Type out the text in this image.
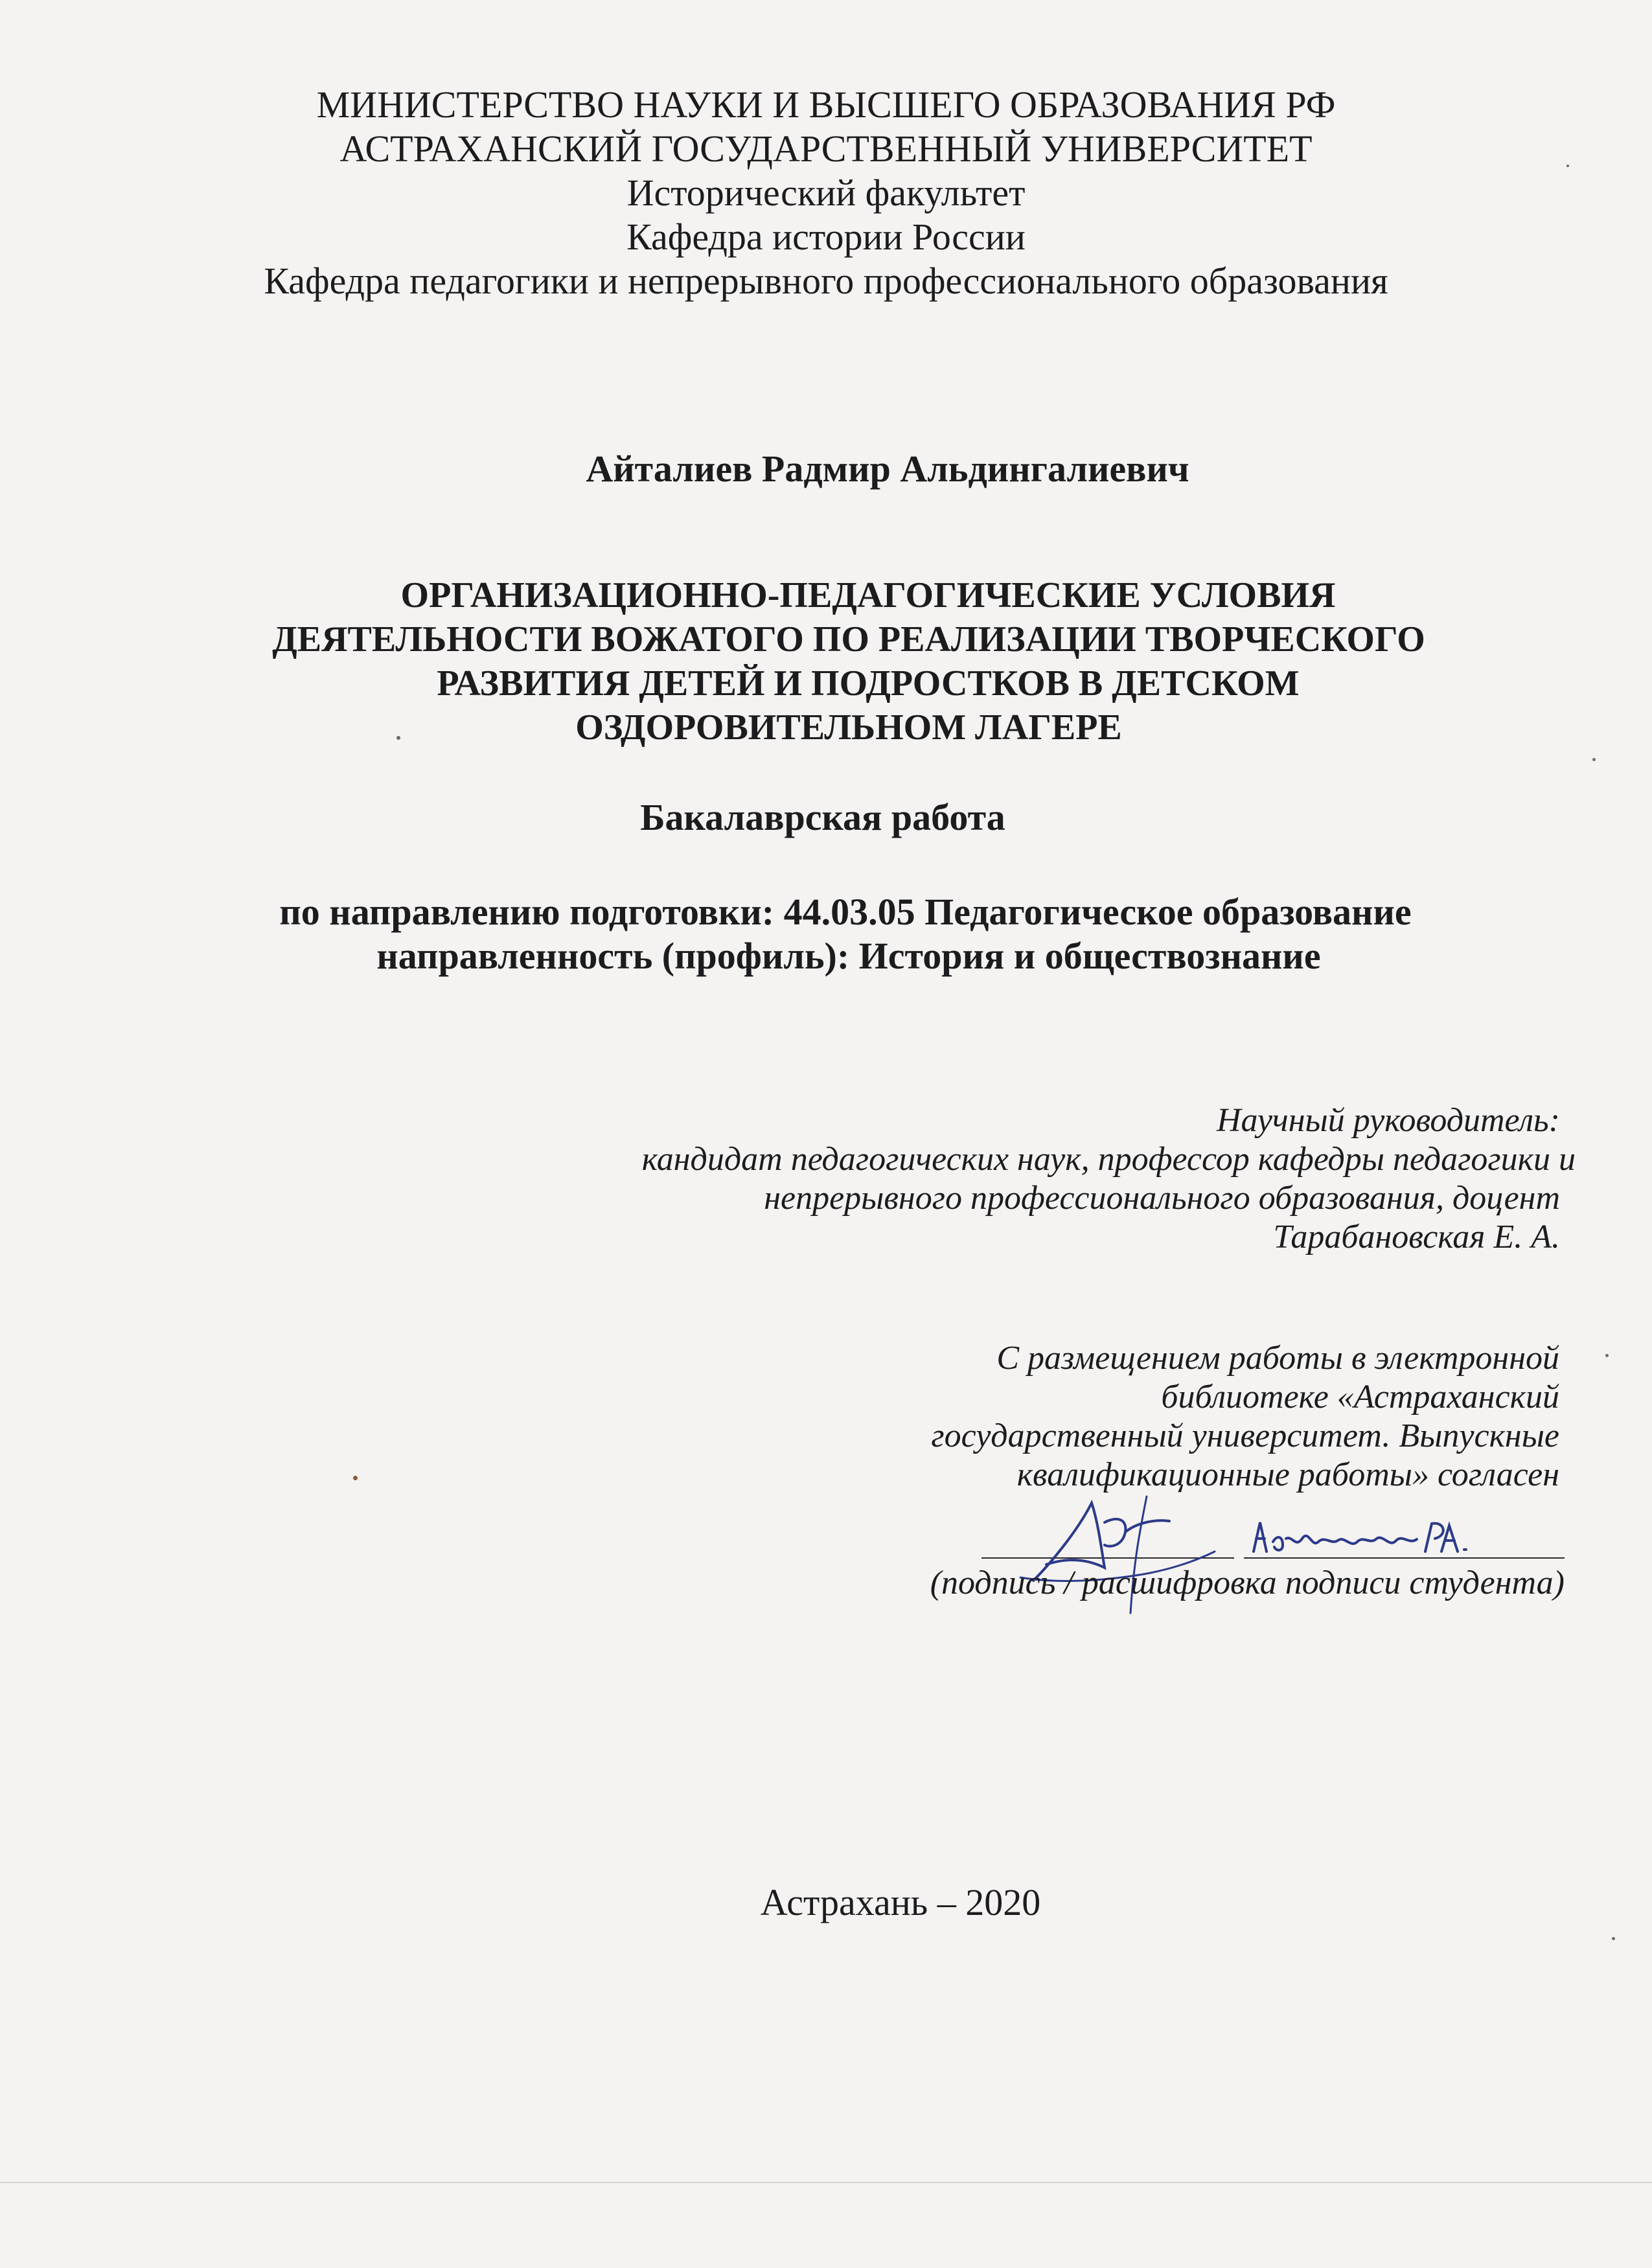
МИНИСТЕРСТВО НАУКИ И ВЫСШЕГО ОБРАЗОВАНИЯ РФ
АСТРАХАНСКИЙ ГОСУДАРСТВЕННЫЙ УНИВЕРСИТЕТ
Исторический факультет
Кафедра истории России
Кафедра педагогики и непрерывного профессионального образования
Айталиев Радмир Альдингалиевич
ОРГАНИЗАЦИОННО-ПЕДАГОГИЧЕСКИЕ УСЛОВИЯ
ДЕЯТЕЛЬНОСТИ ВОЖАТОГО ПО РЕАЛИЗАЦИИ ТВОРЧЕСКОГО
РАЗВИТИЯ ДЕТЕЙ И ПОДРОСТКОВ В ДЕТСКОМ
ОЗДОРОВИТЕЛЬНОМ ЛАГЕРЕ
Бакалаврская работа
по направлению подготовки: 44.03.05 Педагогическое образование
направленность (профиль): История и обществознание
Научный руководитель:
кандидат педагогических наук, профессор кафедры педагогики и
непрерывного профессионального образования, доцент
Тарабановская Е. А.
С размещением работы в электронной
библиотеке «Астраханский
государственный университет. Выпускные
квалификационные работы» согласен
(подпись / расшифровка подписи студента)
Астрахань – 2020
